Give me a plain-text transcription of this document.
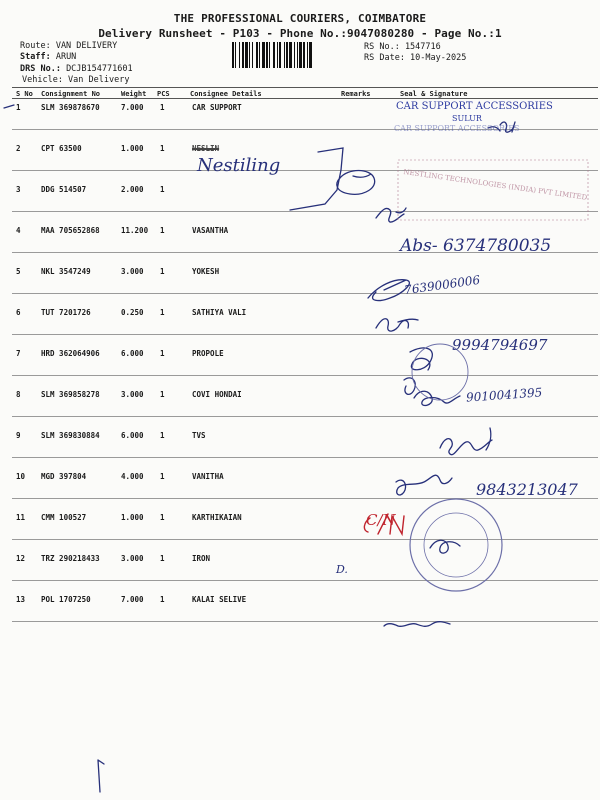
THE PROFESSIONAL COURIERS, COIMBATORE
Delivery Runsheet - P103 - Phone No.:9047080280 - Page No.:1
Route: VAN DELIVERY
Staff: ARUN
DRS No.: DCJB154771601
Vehicle: Van Delivery
RS No.: 1547716
RS Date: 10-May-2025
S No Consignment No	Weight PCS	Consignee Details	Remarks	Seal & Signature
1	SLM 369878670	7.000 1	CAR SUPPORT
2	CPT 63500	1.000 1	NESLIN
3	DDG 514507	2.000 1
4	MAA 705652868	11.200 1	VASANTHA
5	NKL 3547249	3.000 1	YOKESH
6	TUT 7201726	0.250 1	SATHIYA VALI
7	HRD 362064906	6.000 1	PROPOLE
8	SLM 369858278	3.000 1	COVI HONDAI
9	SLM 369830884	6.000 1	TVS
10 MGD 397804	4.000 1	VANITHA
11 CMM 100527	1.000 1	KARTHIKAIAN
12 TRZ 290218433	3.000 1	IRON
13 POL 1707250	7.000 1	KALAI SELIVE
CAR SUPPORT ACCESSORIES
SULUR
CAR SUPPORT ACCESSORIES
Nestiling
NESTLING TECHNOLOGIES (INDIA) PVT LIMITED
Abs- 6374780035
7639006006
9994794697
9010041395
9843213047
C/N
D.
